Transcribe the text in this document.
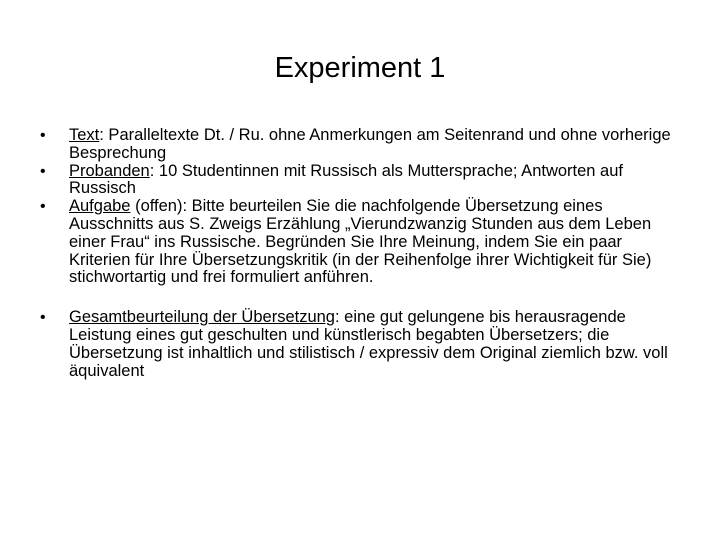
Experiment 1
• Text: Paralleltexte Dt. / Ru. ohne Anmerkungen am Seitenrand und ohne vorherige Besprechung
• Probanden: 10 Studentinnen mit Russisch als Muttersprache; Antworten auf Russisch
• Aufgabe (offen): Bitte beurteilen Sie die nachfolgende Übersetzung eines Ausschnitts aus S. Zweigs Erzählung „Vierundzwanzig Stunden aus dem Leben einer Frau“ ins Russische. Begründen Sie Ihre Meinung, indem Sie ein paar Kriterien für Ihre Übersetzungskritik (in der Reihenfolge ihrer Wichtigkeit für Sie) stichwortartig und frei formuliert anführen.
• Gesamtbeurteilung der Übersetzung: eine gut gelungene bis herausragende Leistung eines gut geschulten und künstlerisch begabten Übersetzers; die Übersetzung ist inhaltlich und stilistisch / expressiv dem Original ziemlich bzw. voll äquivalent
